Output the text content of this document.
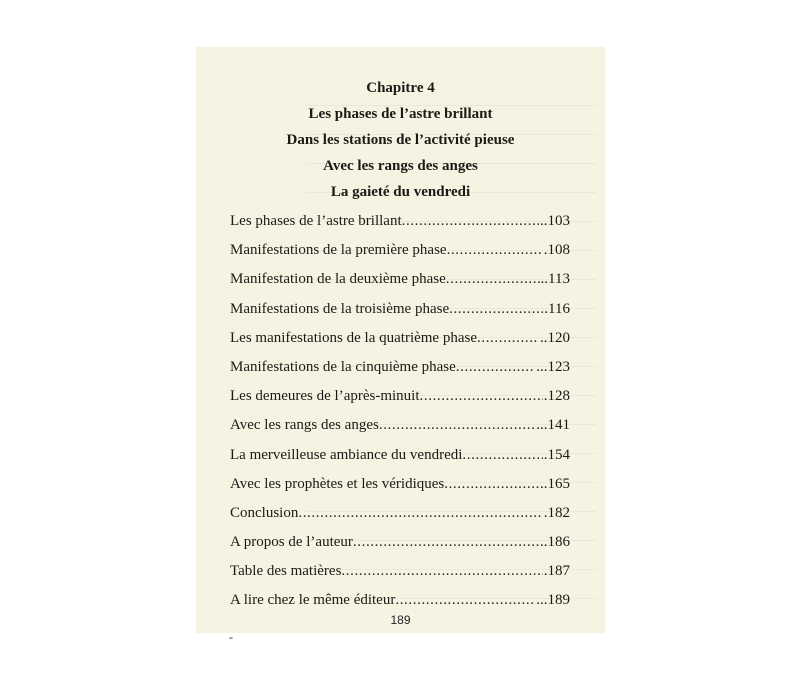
Chapitre 4
Les phases de l’astre brillant
Dans les stations de l’activité pieuse
Avec les rangs des anges
La gaieté du vendredi
Les phases de l’astre brillant .....	..103
Manifestations de la première phase .....	.108
Manifestation de la deuxième phase .....	..113
Manifestations de la troisième phase .....	.116
Les manifestations de la quatrième phase .....	..120
Manifestations de la cinquième phase .....	...123
Les demeures de l’après-minuit .....	.128
Avec les rangs des anges .....	...141
La merveilleuse ambiance du vendredi .....	.154
Avec les prophètes et les véridiques .....	..165
Conclusion .....	.182
A propos de l’auteur .....	..186
Table des matières .....	.187
A lire chez le même éditeur .....	...189
-
189
